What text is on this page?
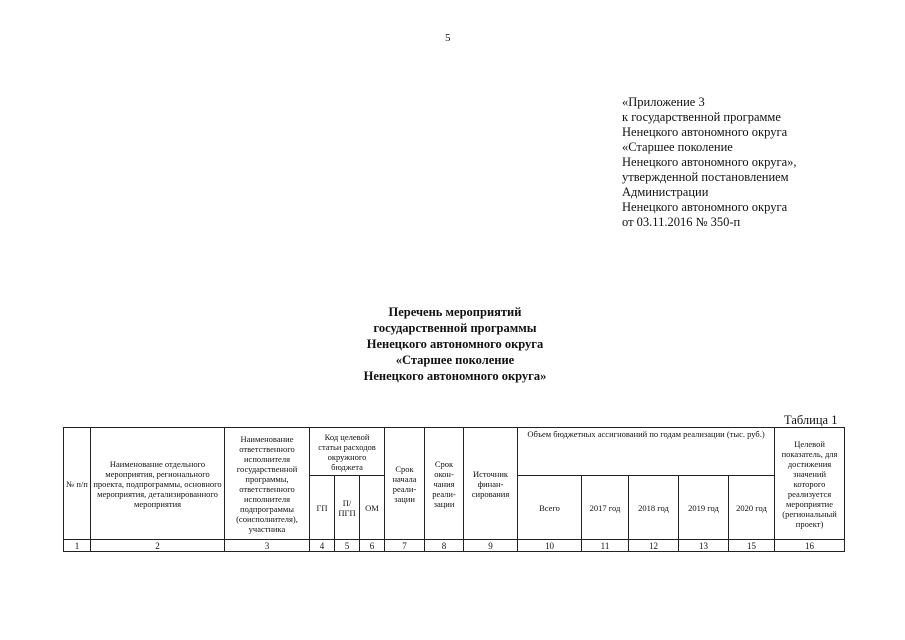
5
«Приложение 3
к государственной программе
Ненецкого автономного округа
«Старшее поколение
Ненецкого автономного округа»,
утвержденной постановлением
Администрации
Ненецкого автономного округа
от 03.11.2016 № 350-п
Перечень мероприятий
государственной программы
Ненецкого автономного округа
«Старшее поколение
Ненецкого автономного округа»
Таблица 1
№ п/п	Наименование отдельного мероприятия, регионального проекта, подпрограммы, основного мероприятия, детализированного мероприятия	Наименование ответственного исполнителя государственной программы, ответственного исполнителя подпрограммы (соисполнителя), участника	Код целевой статьи расходов окружного бюджета			Срок начала реали-зации	Срок окон-чания реали-зации	Источник финан-сирования	Объем бюджетных ассигнований по годам реализации (тыс. руб.)					Целевой показатель, для достижения значений которого реализуется мероприятие (региональный проект)
			ГП	П/ПГП	ОМ				Всего	2017 год	2018 год	2019 год	2020 год	
1	2	3	4	5	6	7	8	9	10	11	12	13	15	16
